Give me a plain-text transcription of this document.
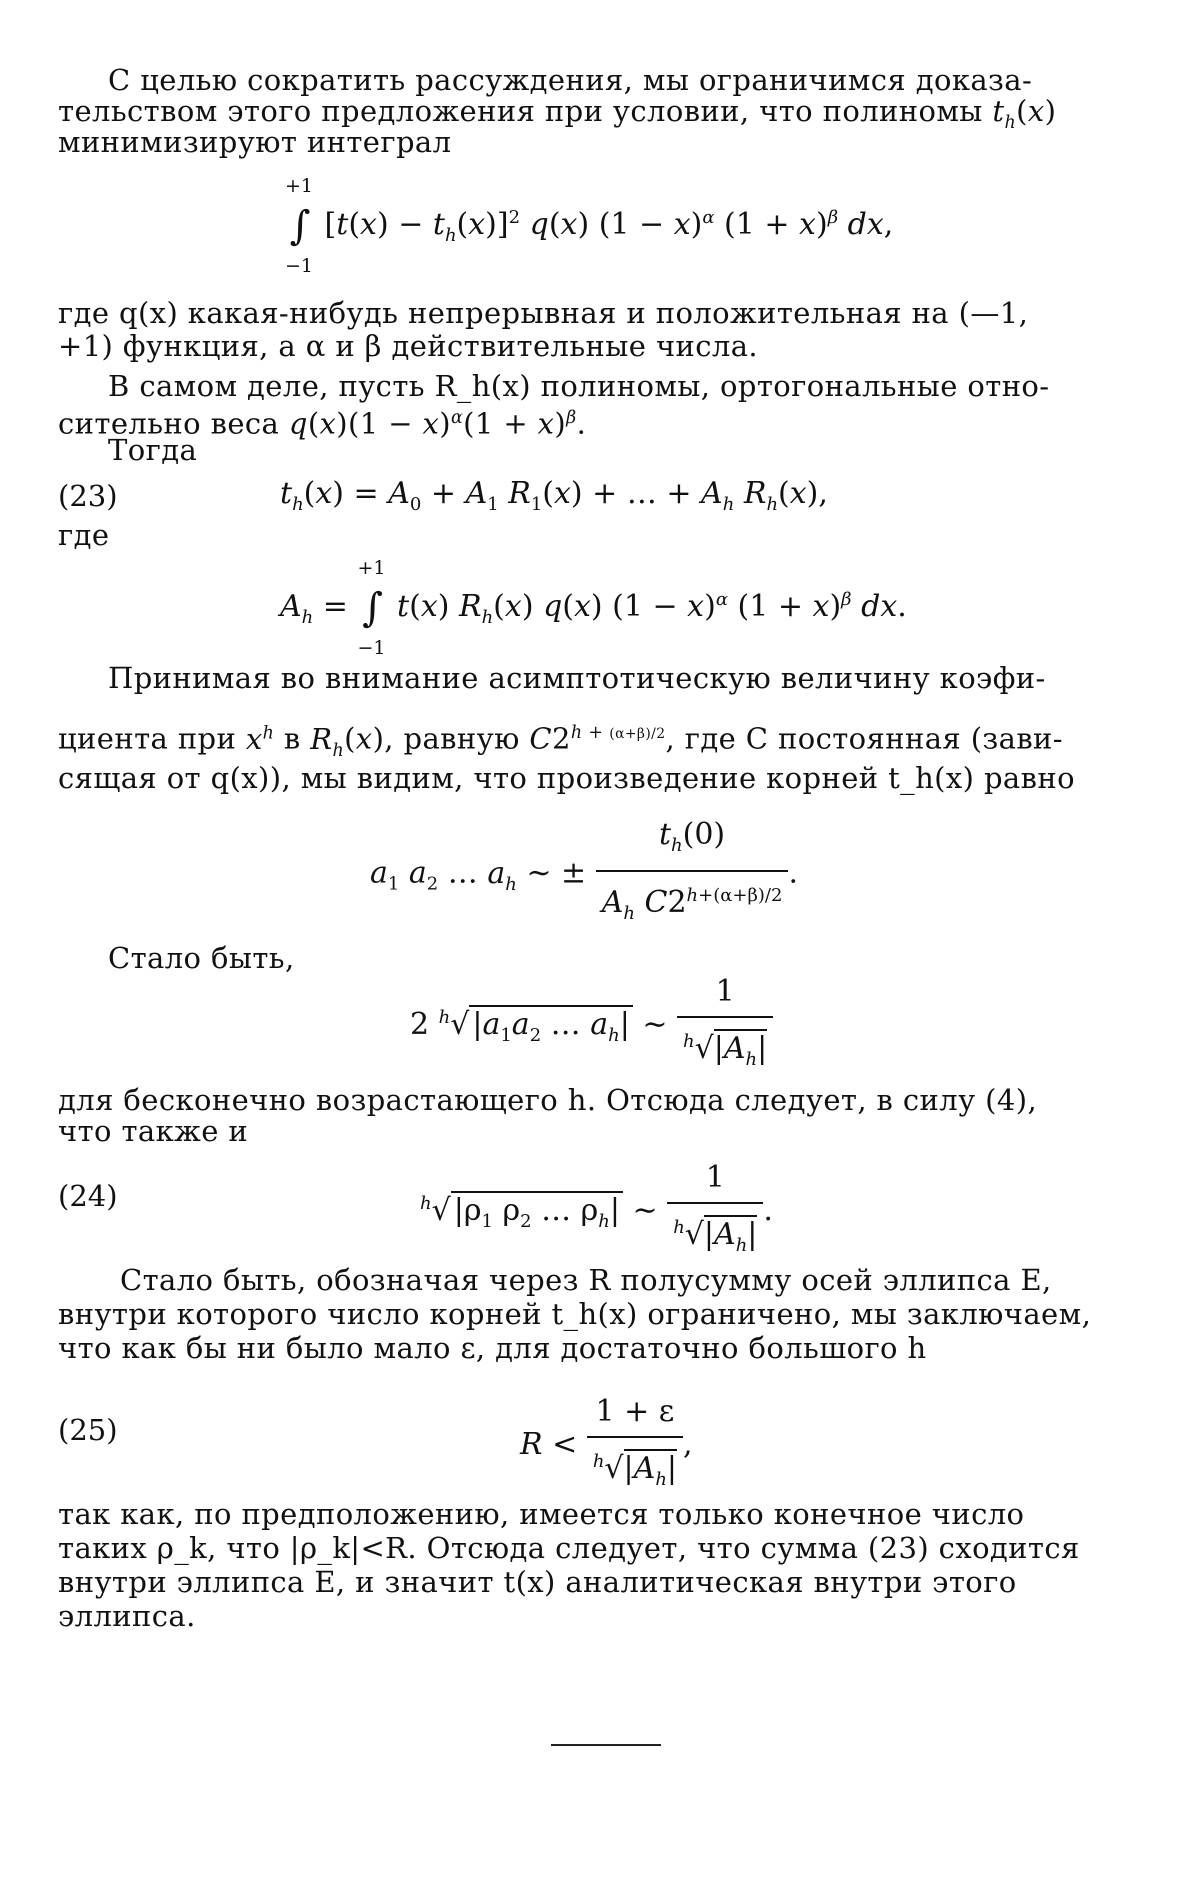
С целью сократить рассуждения, мы ограничимся доказа-
тельством этого предложения при условии, что полиномы $t_h(x)$
минимизируют интеграл
+1
∫
−1
$[t(x) - t_h(x)]^2$ q(x) $(1 - x)^\alpha$ $(1 + x)^\beta$ dx,
где q(x) какая-нибудь непрерывная и положительная на (—1,
+1) функция, а α и β действительные числа.
В самом деле, пусть R_h(x) полиномы, ортогональные отно-
сительно веса $q(x)(1 - x)^\alpha(1 + x)^\beta$.
Тогда
(23)	$t_h(x) = A_0 + A_1$ $R_1(x)$ + … + $A_h$ $R_h(x)$,
где
$A_h$ =
+1
∫
−1
t(x) $R_h(x)$ q(x) $(1 - x)^\alpha$ $(1 + x)^\beta$ dx.
Принимая во внимание асимптотическую величину коэфи-
циента при $x^h$ в $R_h(x)$, равную $C2^{h + (\alpha+\beta)/2}$, где C постоянная (зави-
сящая от q(x)), мы видим, что произведение корней t_h(x) равно
$a_1$ $a_2$ … $a_h$ ∼ ± $\frac{t_h(0)}{A_h C2^{h+(\alpha+\beta)/2}}$ .
Стало быть,
2 $^h$√ $|a_1a_2$ … $a_h|$ ∼ $\frac{1}{^h√|A_h|}$
для бесконечно возрастающего h. Отсюда следует, в силу (4),
что также и
(24)	$^h$√ $|\rho_1$ $\rho_2$ … $\rho_h|$ ∼ $\frac{1}{^h√|A_h|}$ .
Стало быть, обозначая через R полусумму осей эллипса E,
внутри которого число корней t_h(x) ограничено, мы заключаем,
что как бы ни было мало ε, для достаточно большого h
(25)	$R < \frac{1 + \varepsilon}{^h√|A_h|}$ ,
так как, по предположению, имеется только конечное число
таких ρ_k, что |ρ_k|<R. Отсюда следует, что сумма (23) сходится
внутри эллипса E, и значит t(x) аналитическая внутри этого
эллипса.
